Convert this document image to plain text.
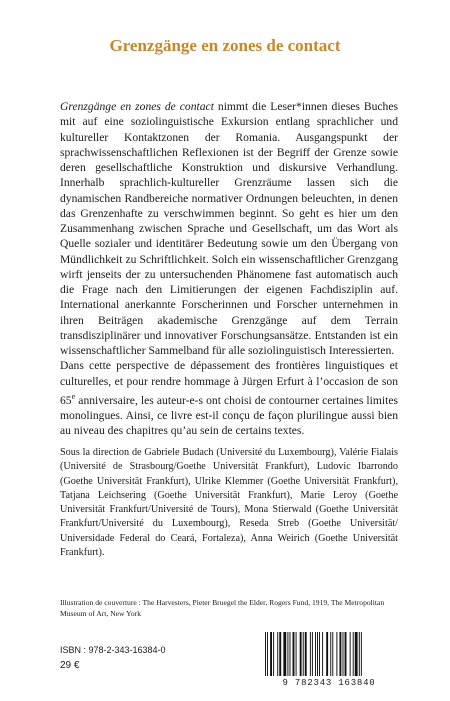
Grenzgänge en zones de contact

Grenzgänge en zones de contact nimmt die Leser*innen dieses Buches mit auf eine soziolinguistische Exkursion entlang sprachlicher und kultureller Kontaktzonen der Romania. Ausgangspunkt der sprachwissenschaftlichen Reflexionen ist der Begriff der Grenze sowie deren gesellschaftliche Konstruktion und diskursive Verhandlung. Innerhalb sprachlich-kultureller Grenzräume lassen sich die dynamischen Randbereiche normativer Ordnungen beleuchten, in denen das Grenzenhafte zu verschwimmen beginnt. So geht es hier um den Zusammenhang zwischen Sprache und Gesellschaft, um das Wort als Quelle sozialer und identitärer Bedeutung sowie um den Übergang von Mündlichkeit zu Schriftlichkeit. Solch ein wissenschaftlicher Grenzgang wirft jenseits der zu untersuchenden Phänomene fast automatisch auch die Frage nach den Limitierungen der eigenen Fachdisziplin auf. International anerkannte Forscherinnen und Forscher unternehmen in ihren Beiträgen akademische Grenzgänge auf dem Terrain transdisziplinärer und innovativer Forschungsansätze. Entstanden ist ein wissenschaftlicher Sammelband für alle soziolinguistisch Interessierten.

Dans cette perspective de dépassement des frontières linguistiques et culturelles, et pour rendre hommage à Jürgen Erfurt à l’occasion de son 65e anniversaire, les auteur-e-s ont choisi de contourner certaines limites monolingues. Ainsi, ce livre est-il conçu de façon plurilingue aussi bien au niveau des chapitres qu’au sein de certains textes.

Sous la direction de Gabriele Budach (Université du Luxembourg), Valérie Fialais (Université de Strasbourg/Goethe Universität Frankfurt), Ludovic Ibarrondo (Goethe Universität Frankfurt), Ulrike Klemmer (Goethe Universität Frankfurt), Tatjana Leichsering (Goethe Universität Frankfurt), Marie Leroy (Goethe Universität Frankfurt/Université de Tours), Mona Stierwald (Goethe Universität Frankfurt/Université du Luxembourg), Reseda Streb (Goethe Universität/ Universidade Federal do Ceará, Fortaleza), Anna Weirich (Goethe Universität Frankfurt).

Illustration de couverture : The Harvesters, Pieter Bruegel the Elder, Rogers Fund, 1919, The Metropolitan Museum of Art, New York

ISBN : 978-2-343-16384-0
29 €
9 782343 163840
